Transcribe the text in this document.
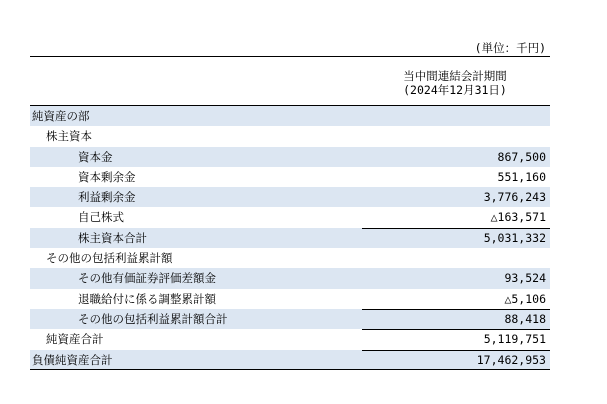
(単位：千円)
当中間連結会計期間
(2024年12月31日)
純資産の部
株主資本
資本金	867,500
資本剰余金	551,160
利益剰余金	3,776,243
自己株式	△163,571
株主資本合計	5,031,332
その他の包括利益累計額
その他有価証券評価差額金	93,524
退職給付に係る調整累計額	△5,106
その他の包括利益累計額合計	88,418
純資産合計	5,119,751
負債純資産合計	17,462,953
